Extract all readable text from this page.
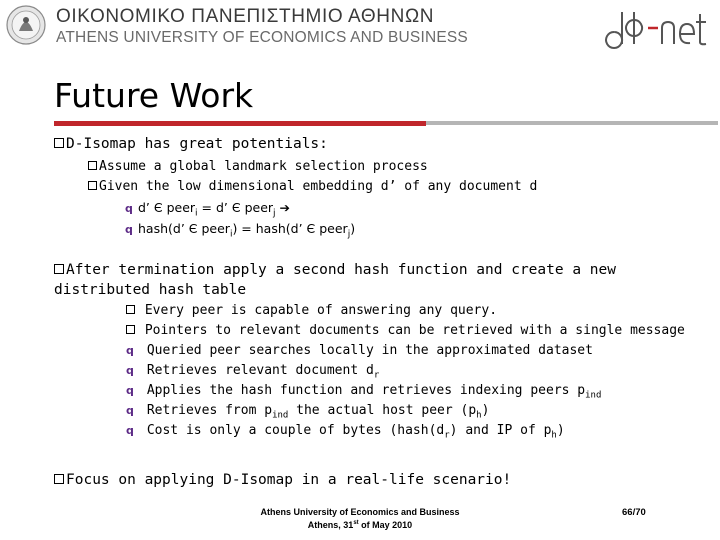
ΟΙΚΟΝΟΜΙΚΟ ΠΑΝΕΠΙΣΤΗΜΙΟ ΑΘΗΝΩΝ
ATHENS UNIVERSITY OF ECONOMICS AND BUSINESS
Future Work
D-Isomap has great potentials:
Assume a global landmark selection process
Given the low dimensional embedding d’ of any document d
q d’ Є peer$_i$ = d’ Є peer$_j$ ➔
q hash(d’ Є peer$_i$) = hash(d’ Є peer$_j$)
After termination apply a second hash function and create a new
distributed hash table
Every peer is capable of answering any query.
Pointers to relevant documents can be retrieved with a single message
q Queried peer searches locally in the approximated dataset
q Retrieves relevant document $d_r$
q Applies the hash function and retrieves indexing peers $p_{ind}$
q Retrieves from $p_{ind}$ the actual host peer $(p_h)$
q Cost is only a couple of bytes ($hash(d_r)$ and IP of $p_h$)
Focus on applying D-Isomap in a real-life scenario!
Athens University of Economics and Business
Athens, 31st of May 2010
66/70
